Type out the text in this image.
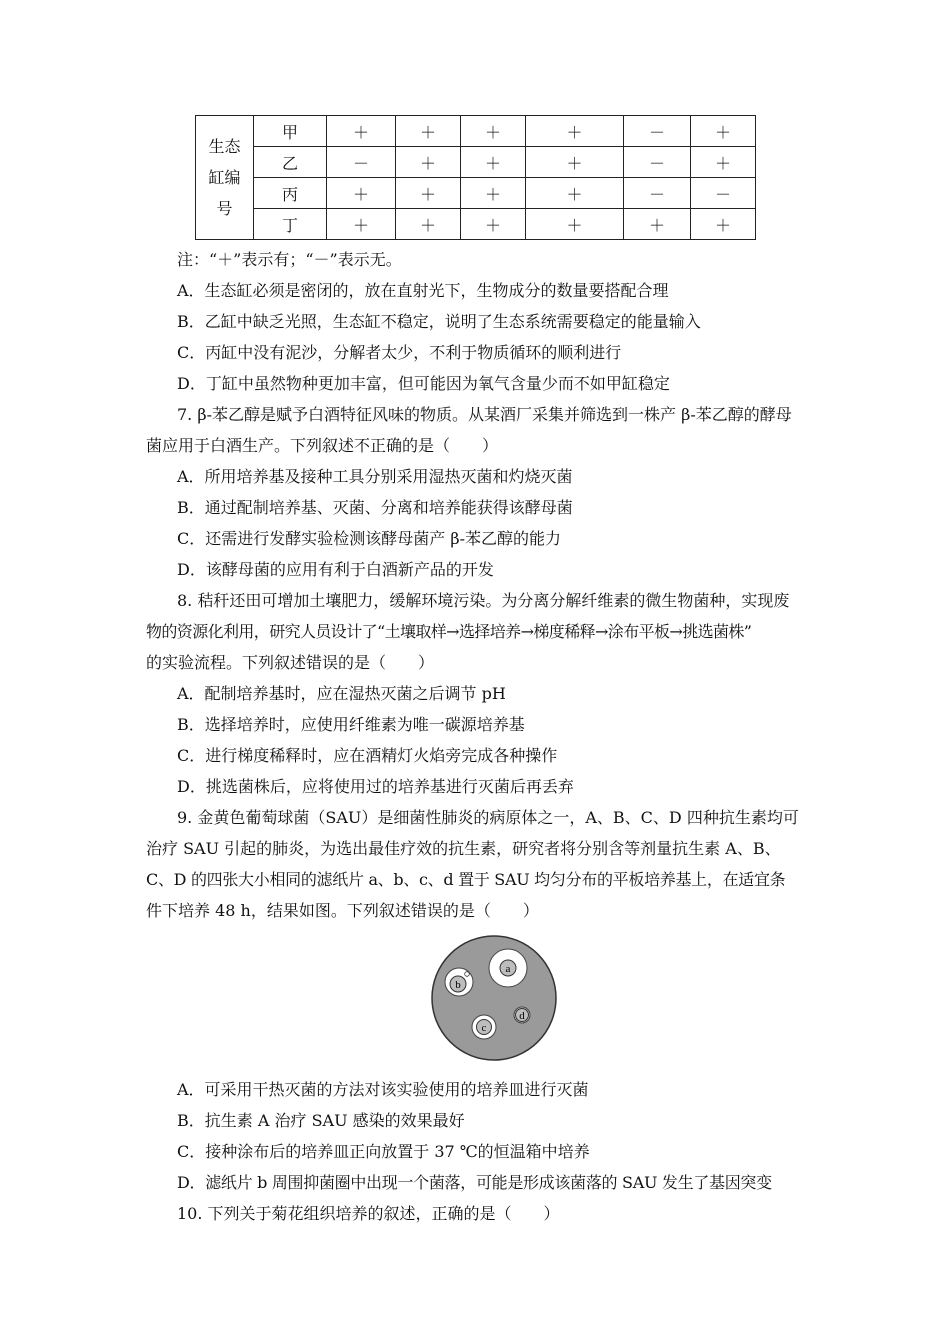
生态
缸编
号	甲	＋	＋	＋	＋	－	＋
	乙	－	＋	＋	＋	－	＋
	丙	＋	＋	＋	＋	－	－
	丁	＋	＋	＋	＋	＋	＋
注：“＋”表示有；“－”表示无。
A．生态缸必须是密闭的，放在直射光下，生物成分的数量要搭配合理
B．乙缸中缺乏光照，生态缸不稳定，说明了生态系统需要稳定的能量输入
C．丙缸中没有泥沙，分解者太少，不利于物质循环的顺利进行
D．丁缸中虽然物种更加丰富，但可能因为氧气含量少而不如甲缸稳定
7. β-苯乙醇是赋予白酒特征风味的物质。从某酒厂采集并筛选到一株产 β-苯乙醇的酵母
菌应用于白酒生产。下列叙述不正确的是（　　）
A．所用培养基及接种工具分别采用湿热灭菌和灼烧灭菌
B．通过配制培养基、灭菌、分离和培养能获得该酵母菌
C．还需进行发酵实验检测该酵母菌产 β-苯乙醇的能力
D．该酵母菌的应用有利于白酒新产品的开发
8. 秸秆还田可增加土壤肥力，缓解环境污染。为分离分解纤维素的微生物菌种，实现废
物的资源化利用，研究人员设计了“土壤取样→选择培养→梯度稀释→涂布平板→挑选菌株”
的实验流程。下列叙述错误的是（　　）
A．配制培养基时，应在湿热灭菌之后调节 pH
B．选择培养时，应使用纤维素为唯一碳源培养基
C．进行梯度稀释时，应在酒精灯火焰旁完成各种操作
D．挑选菌株后，应将使用过的培养基进行灭菌后再丢弃
9. 金黄色葡萄球菌（SAU）是细菌性肺炎的病原体之一，A、B、C、D 四种抗生素均可
治疗 SAU 引起的肺炎，为选出最佳疗效的抗生素，研究者将分别含等剂量抗生素 A、B、
C、D 的四张大小相同的滤纸片 a、b、c、d 置于 SAU 均匀分布的平板培养基上，在适宜条
件下培养 48 h，结果如图。下列叙述错误的是（　　）
a
b
c
d
A．可采用干热灭菌的方法对该实验使用的培养皿进行灭菌
B．抗生素 A 治疗 SAU 感染的效果最好
C．接种涂布后的培养皿正向放置于 37 ℃的恒温箱中培养
D．滤纸片 b 周围抑菌圈中出现一个菌落，可能是形成该菌落的 SAU 发生了基因突变
10. 下列关于菊花组织培养的叙述，正确的是（　　）
